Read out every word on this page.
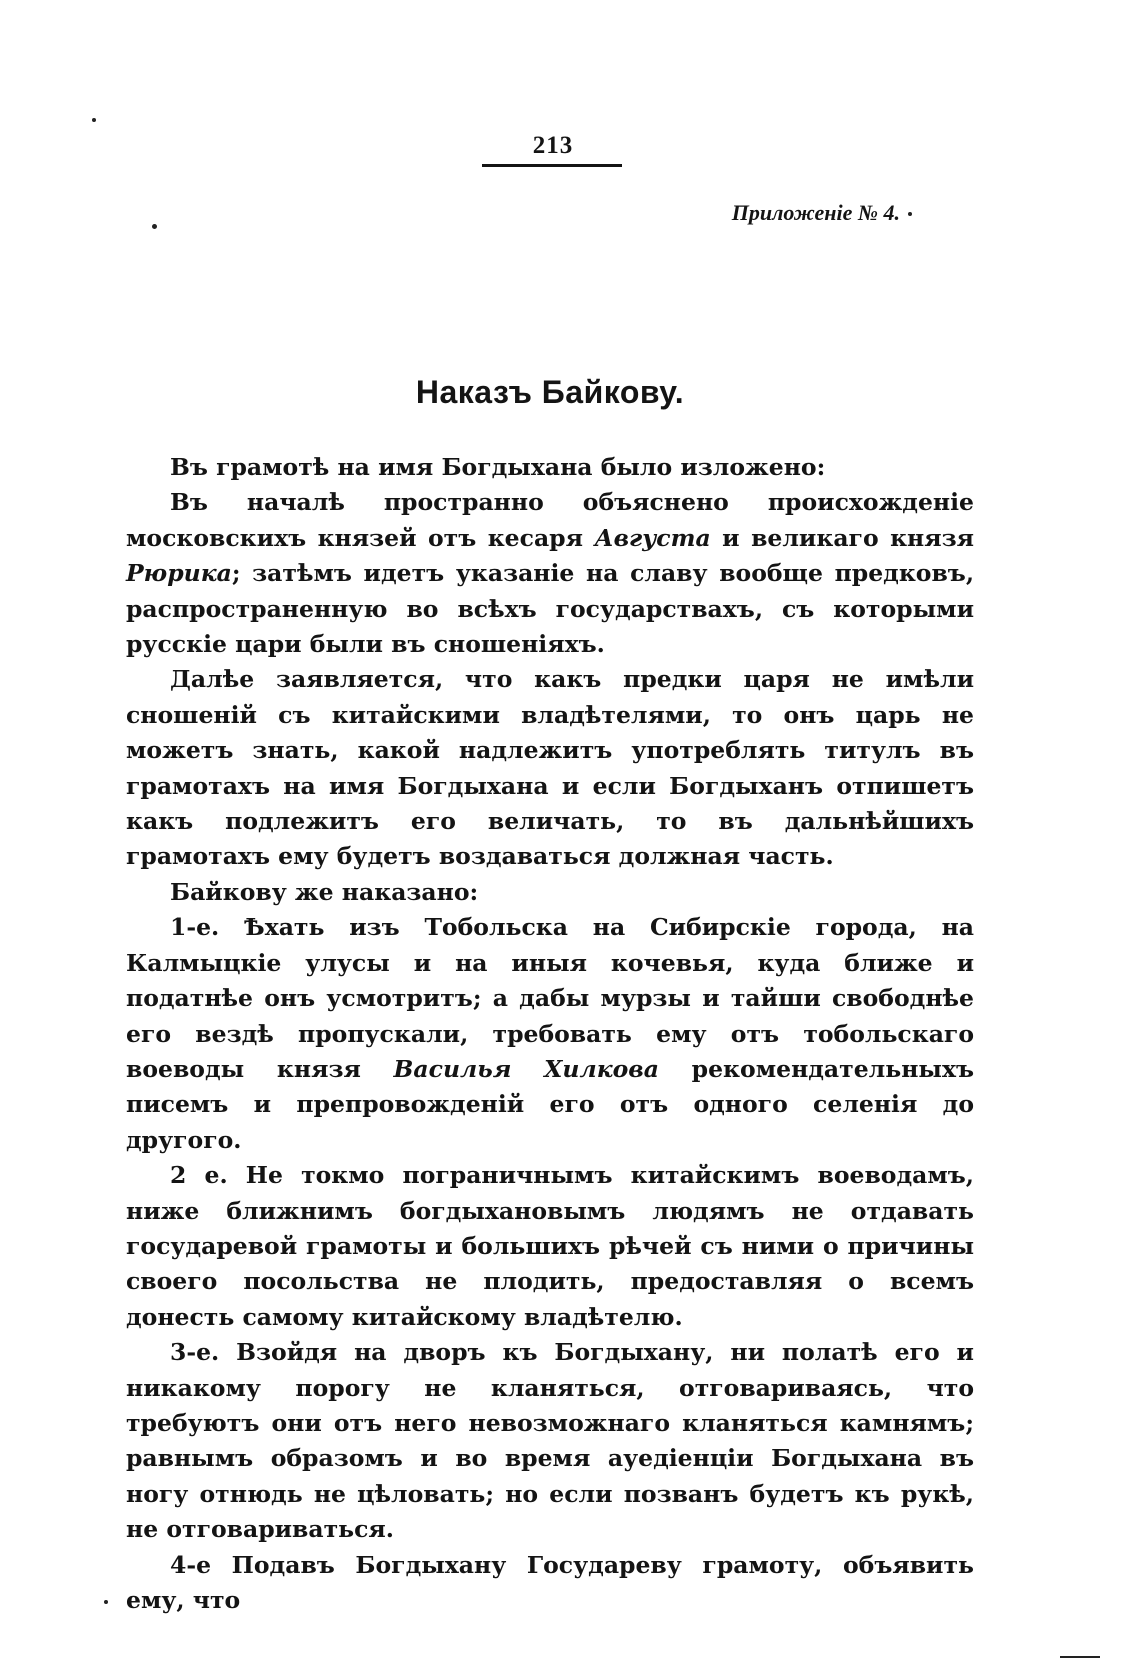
213
Приложеніе № 4.
Наказъ Байкову.

Въ грамотѣ на имя Богдыхана было изложено:

Въ началѣ пространно объяснено происхожденіе московскихъ князей отъ кесаря Августа и великаго князя Рюрика; затѣмъ идетъ указаніе на славу вообще предковъ, распространенную во всѣхъ государствахъ, съ которыми русскіе цари были въ сношеніяхъ.

Далѣе заявляется, что какъ предки царя не имѣли сношеній съ китайскими владѣтелями, то онъ царь не можетъ знать, какой надлежитъ употреблять титулъ въ грамотахъ на имя Богдыхана и если Богдыханъ отпишетъ какъ подлежитъ его величать, то въ дальнѣйшихъ грамотахъ ему будетъ воздаваться должная часть.

Байкову же наказано:

1-е. Ѣхать изъ Тобольска на Сибирскіе города, на Калмыцкіе улусы и на иныя кочевья, куда ближе и податнѣе онъ усмотритъ; а дабы мурзы и тайши свободнѣе его вездѣ пропускали, требовать ему отъ тобольскаго воеводы князя Василья Хилкова рекомендательныхъ писемъ и препровожденій его отъ одного селенія до другого.

2 е. Не токмо пограничнымъ китайскимъ воеводамъ, ниже ближнимъ богдыхановымъ людямъ не отдавать государевой грамоты и большихъ рѣчей съ ними о причины своего посольства не плодить, предоставляя о всемъ донесть самому китайскому владѣтелю.

3-е. Взойдя на дворъ къ Богдыхану, ни полатѣ его и никакому порогу не кланяться, отговариваясь, что требуютъ они отъ него невозможнаго кланяться камнямъ; равнымъ образомъ и во время ауедіенціи Богдыхана въ ногу отнюдь не цѣловать; но если позванъ будетъ къ рукѣ, не отговариваться.

4-е Подавъ Богдыхану Государеву грамоту, объявить ему, что
